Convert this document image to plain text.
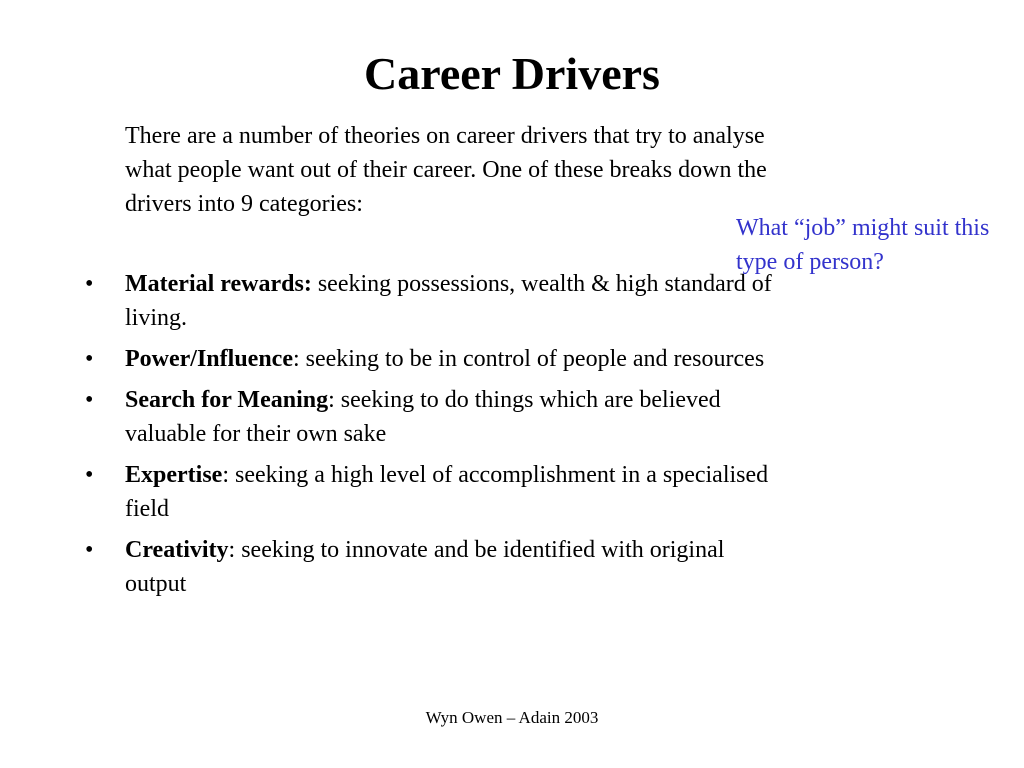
Career Drivers
There are a number of theories on career drivers that try to analyse what people want out of their career. One of these breaks down the drivers into 9 categories:
• Material rewards: seeking possessions, wealth & high standard of living.
• Power/Influence: seeking to be in control of people and resources
• Search for Meaning: seeking to do things which are believed valuable for their own sake
• Expertise: seeking a high level of accomplishment in a specialised field
• Creativity: seeking to innovate and be identified with original output
What “job” might suit this type of person?
Wyn Owen – Adain 2003
